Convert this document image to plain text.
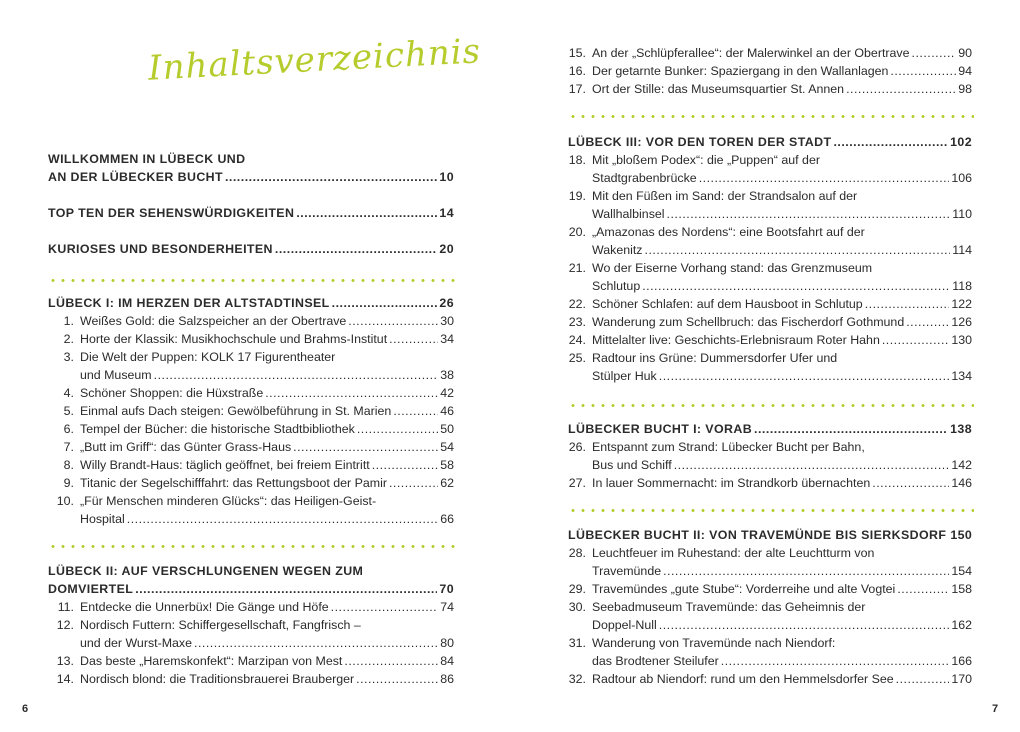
Inhaltsverzeichnis
WILLKOMMEN IN LÜBECK UND
AN DER LÜBECKER BUCHT .....	10
TOP TEN DER SEHENSWÜRDIGKEITEN .....	14
KURIOSES UND BESONDERHEITEN .....	20
LÜBECK I: IM HERZEN DER ALTSTADTINSEL .....	26
1. Weißes Gold: die Salzspeicher an der Obertrave .....	30
2. Horte der Klassik: Musikhochschule und Brahms-Institut .....	34
3. Die Welt der Puppen: KOLK 17 Figurentheater
und Museum .....	38
4. Schöner Shoppen: die Hüxstraße .....	42
5. Einmal aufs Dach steigen: Gewölbeführung in St. Marien .....	46
6. Tempel der Bücher: die historische Stadtbibliothek .....	50
7. „Butt im Griff“: das Günter Grass-Haus .....	54
8. Willy Brandt-Haus: täglich geöffnet, bei freiem Eintritt .....	58
9. Titanic der Segelschifffahrt: das Rettungsboot der Pamir .....	62
10. „Für Menschen minderen Glücks“: das Heiligen-Geist-
Hospital .....	66
LÜBECK II: AUF VERSCHLUNGENEN WEGEN ZUM
DOMVIERTEL .....	70
11. Entdecke die Unnerbüx! Die Gänge und Höfe .....	74
12. Nordisch Futtern: Schiffergesellschaft, Fangfrisch –
und der Wurst-Maxe .....	80
13. Das beste „Haremskonfekt“: Marzipan von Mest .....	84
14. Nordisch blond: die Traditionsbrauerei Brauberger .....	86
6
15. An der „Schlüpferallee“: der Malerwinkel an der Obertrave .....	90
16. Der getarnte Bunker: Spaziergang in den Wallanlagen .....	94
17. Ort der Stille: das Museumsquartier St. Annen .....	98
LÜBECK III: VOR DEN TOREN DER STADT .....	102
18. Mit „bloßem Podex“: die „Puppen“ auf der
Stadtgrabenbrücke .....	106
19. Mit den Füßen im Sand: der Strandsalon auf der
Wallhalbinsel .....	110
20. „Amazonas des Nordens“: eine Bootsfahrt auf der
Wakenitz .....	114
21. Wo der Eiserne Vorhang stand: das Grenzmuseum
Schlutup .....	118
22. Schöner Schlafen: auf dem Hausboot in Schlutup .....	122
23. Wanderung zum Schellbruch: das Fischerdorf Gothmund .....	126
24. Mittelalter live: Geschichts-Erlebnisraum Roter Hahn .....	130
25. Radtour ins Grüne: Dummersdorfer Ufer und
Stülper Huk .....	134
LÜBECKER BUCHT I: VORAB .....	138
26. Entspannt zum Strand: Lübecker Bucht per Bahn,
Bus und Schiff .....	142
27. In lauer Sommernacht: im Strandkorb übernachten .....	146
LÜBECKER BUCHT II: VON TRAVEMÜNDE BIS SIERKSDORF 150
28. Leuchtfeuer im Ruhestand: der alte Leuchtturm von
Travemünde .....	154
29. Travemündes „gute Stube“: Vorderreihe und alte Vogtei .....	158
30. Seebadmuseum Travemünde: das Geheimnis der
Doppel-Null .....	162
31. Wanderung von Travemünde nach Niendorf:
das Brodtener Steilufer .....	166
32. Radtour ab Niendorf: rund um den Hemmelsdorfer See .....	170
7
